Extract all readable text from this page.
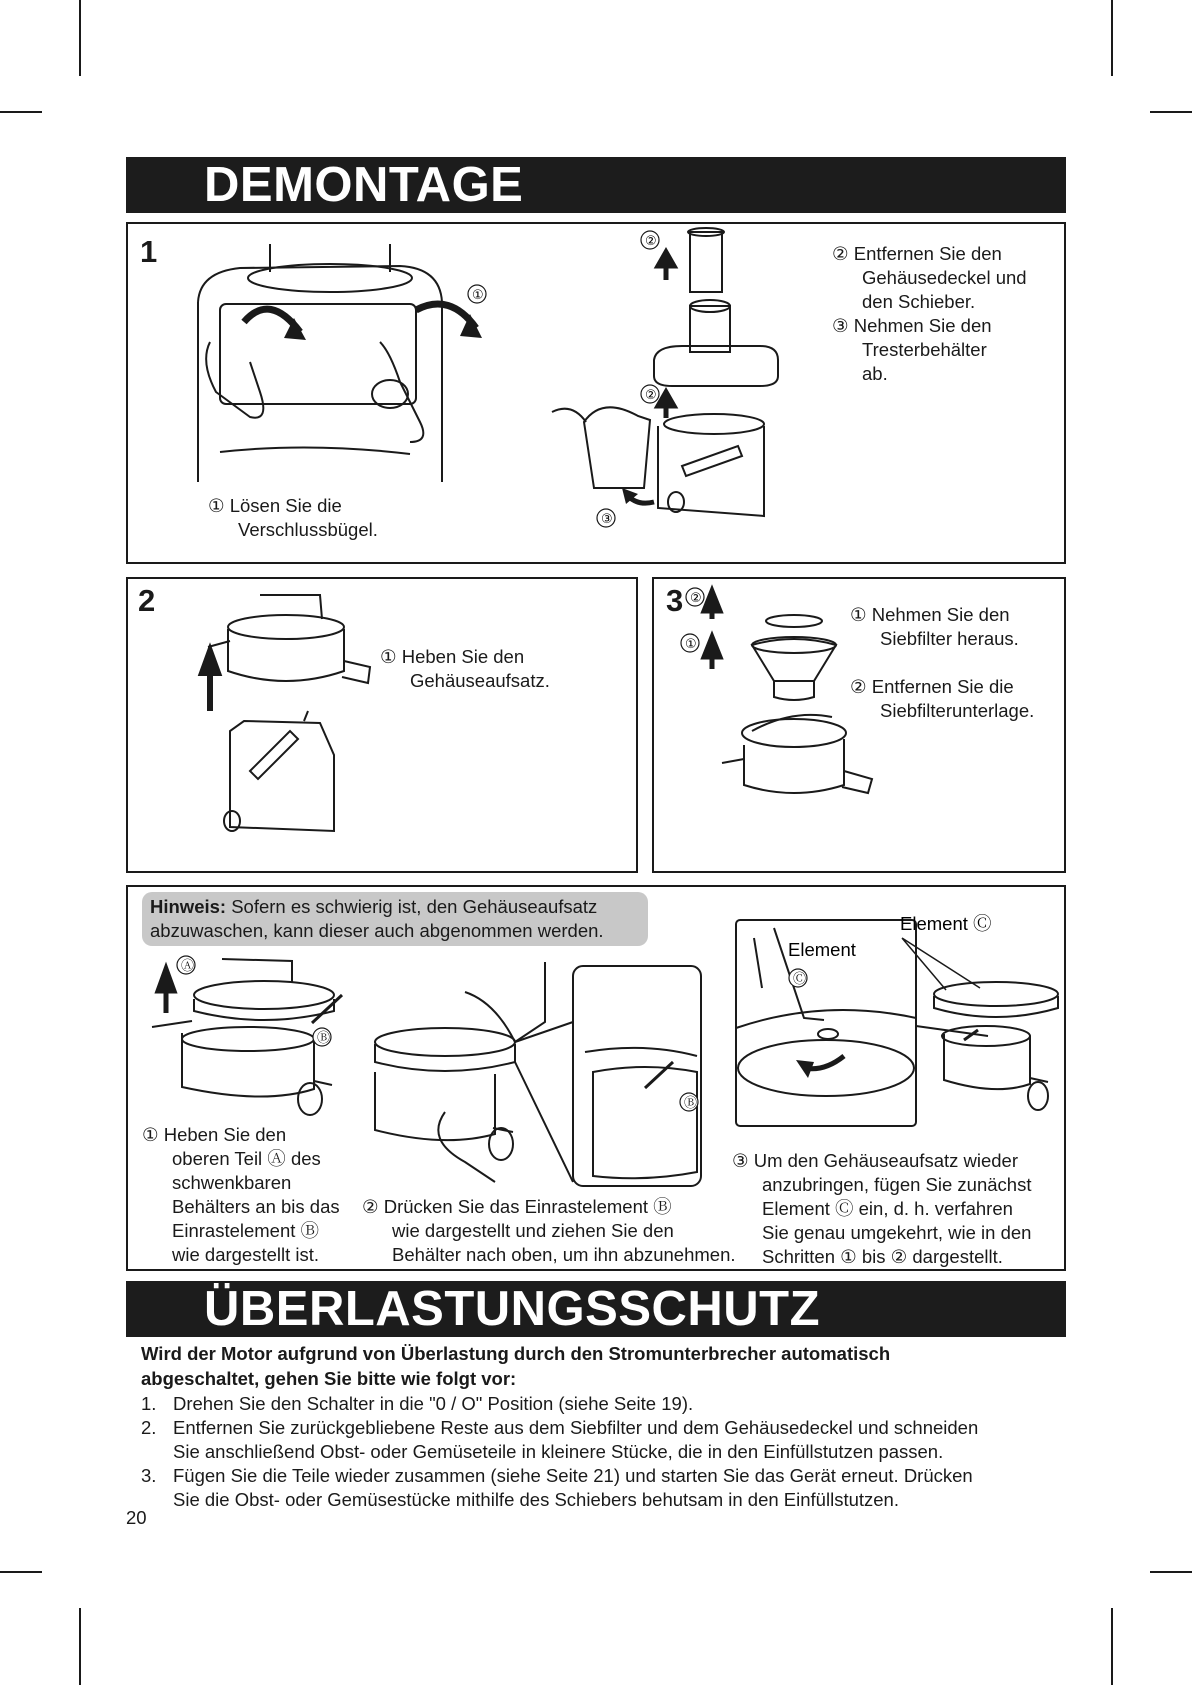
DEMONTAGE
1
①
① Lösen Sie die
Verschlussbügel.
②
②
③
② Entfernen Sie den
Gehäusedeckel und
den Schieber.
③ Nehmen Sie den
Tresterbehälter
ab.
2
① Heben Sie den
Gehäuseaufsatz.
3 ②
①
① Nehmen Sie den
Siebfilter heraus.
② Entfernen Sie die
Siebfilterunterlage.
Hinweis: Sofern es schwierig ist, den Gehäuseaufsatz
abzuwaschen, kann dieser auch abgenommen werden.
Ⓐ
Ⓑ
Ⓑ
Element
Ⓒ
Element Ⓒ
① Heben Sie den
oberen Teil Ⓐ des
schwenkbaren
Behälters an bis das
Einrastelement Ⓑ
wie dargestellt ist.
② Drücken Sie das Einrastelement Ⓑ
wie dargestellt und ziehen Sie den
Behälter nach oben, um ihn abzunehmen.
③ Um den Gehäuseaufsatz wieder
anzubringen, fügen Sie zunächst
Element Ⓒ ein, d. h. verfahren
Sie genau umgekehrt, wie in den
Schritten ① bis ② dargestellt.
ÜBERLASTUNGSSCHUTZ
Wird der Motor aufgrund von Überlastung durch den Stromunterbrecher automatisch
abgeschaltet, gehen Sie bitte wie folgt vor:
1. Drehen Sie den Schalter in die "0 / O" Position (siehe Seite 19).
2. Entfernen Sie zurückgebliebene Reste aus dem Siebfilter und dem Gehäusedeckel und schneiden
Sie anschließend Obst- oder Gemüseteile in kleinere Stücke, die in den Einfüllstutzen passen.
3. Fügen Sie die Teile wieder zusammen (siehe Seite 21) und starten Sie das Gerät erneut. Drücken
Sie die Obst- oder Gemüsestücke mithilfe des Schiebers behutsam in den Einfüllstutzen.
20
